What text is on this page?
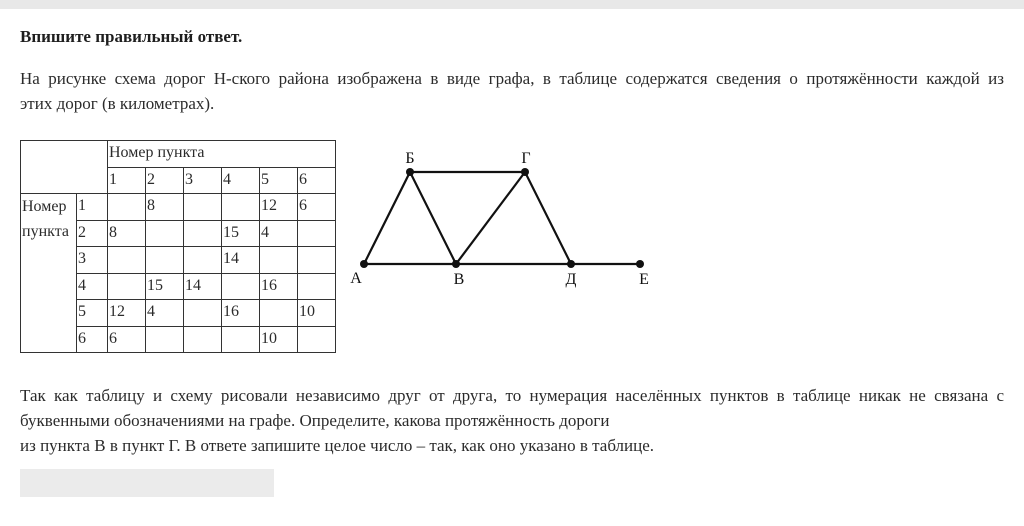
Впишите правильный ответ.
На рисунке схема дорог Н-ского района изображена в виде графа, в таблице содержатся сведения о протяжённости каждой из
этих дорог (в километрах).
		Номер пункта					
		1	2	3	4	5	6
Номер
пункта	1		8			12	6
	2	8			15	4	
	3				14		
	4		15	14		16	
	5	12	4		16		10
	6	6				10	
А
Б
В
Г
Д	Е
Так как таблицу и схему рисовали независимо друг от друга, то нумерация населённых пунктов в таблице никак не связана с
буквенными обозначениями на графе. Определите, какова протяжённость дороги
из пункта В в пункт Г. В ответе запишите целое число – так, как оно указано в таблице.
